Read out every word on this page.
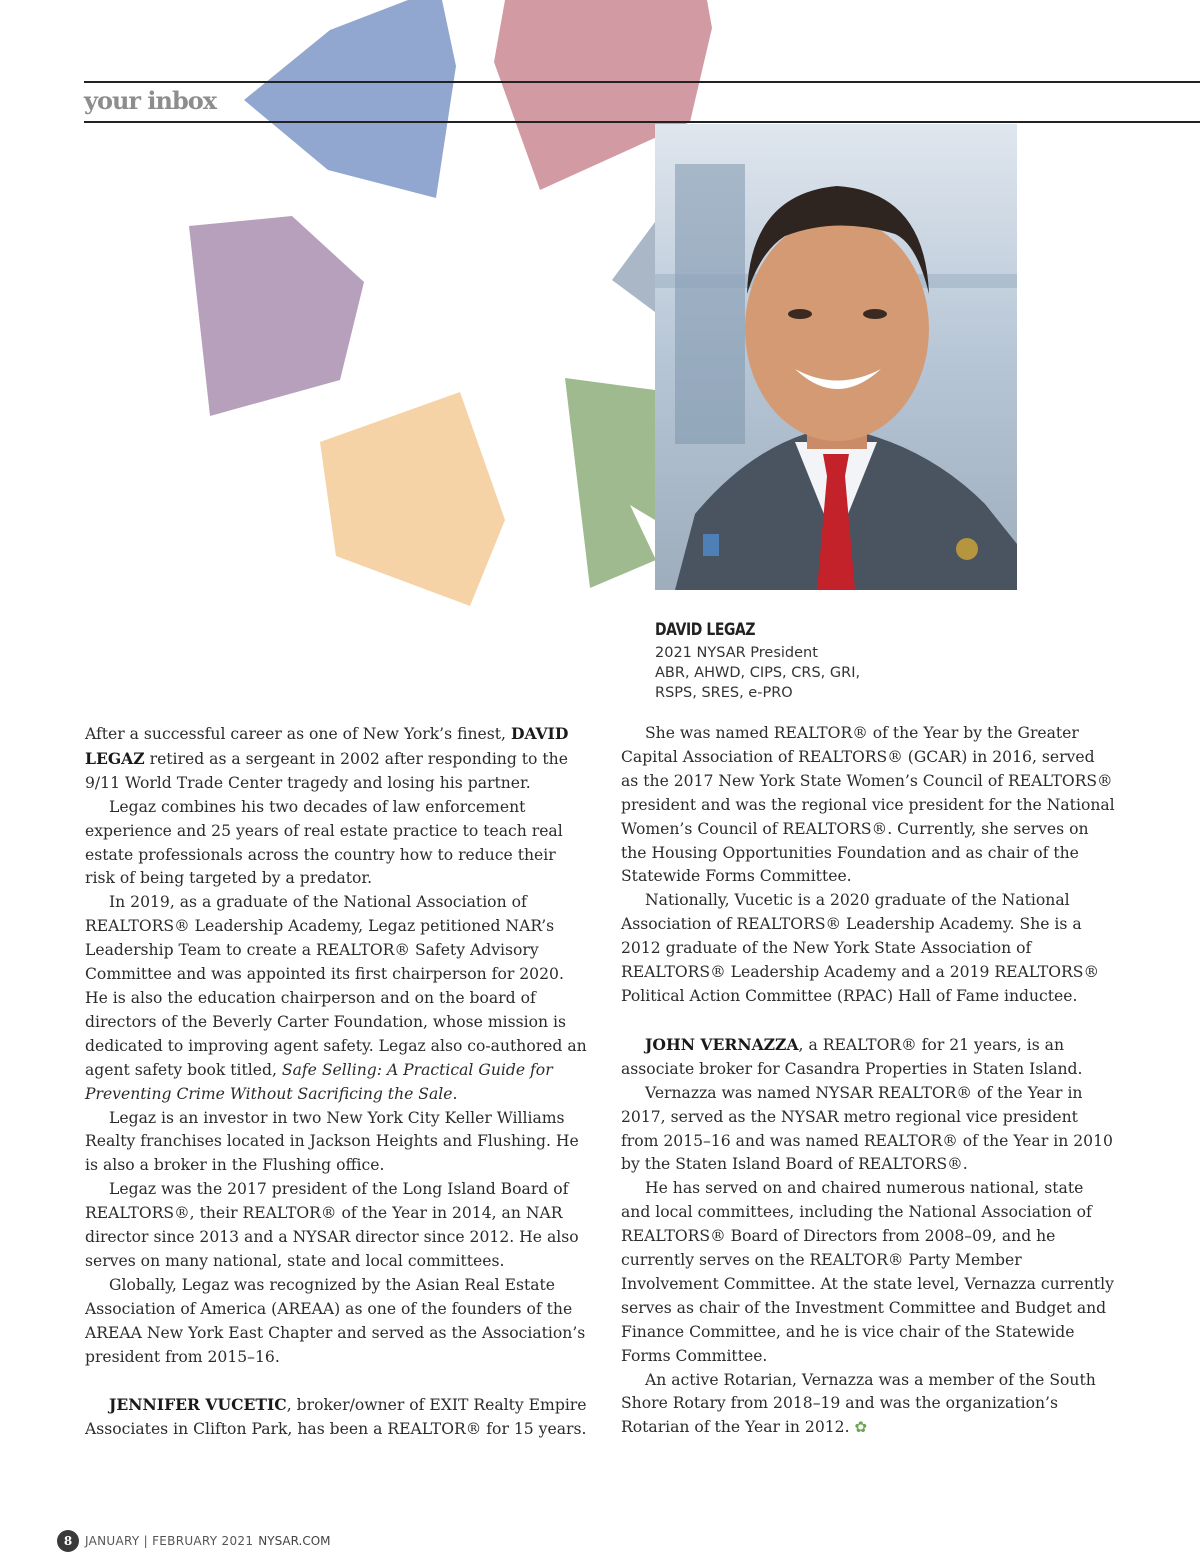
your inbox
DAVID LEGAZ
2021 NYSAR President
ABR, AHWD, CIPS, CRS, GRI,
RSPS, SRES, e-PRO

After a successful career as one of New York’s finest, DAVID LEGAZ retired as a sergeant in 2002 after responding to the 9/11 World Trade Center tragedy and losing his partner.

Legaz combines his two decades of law enforcement experience and 25 years of real estate practice to teach real estate professionals across the country how to reduce their risk of being targeted by a predator.

In 2019, as a graduate of the National Association of REALTORS® Leadership Academy, Legaz petitioned NAR’s Leadership Team to create a REALTOR® Safety Advisory Committee and was appointed its first chairperson for 2020. He is also the education chairperson and on the board of directors of the Beverly Carter Foundation, whose mission is dedicated to improving agent safety. Legaz also co-authored an agent safety book titled, Safe Selling: A Practical Guide for Preventing Crime Without Sacrificing the Sale.

Legaz is an investor in two New York City Keller Williams Realty franchises located in Jackson Heights and Flushing. He is also a broker in the Flushing office.

Legaz was the 2017 president of the Long Island Board of REALTORS®, their REALTOR® of the Year in 2014, an NAR director since 2013 and a NYSAR director since 2012. He also serves on many national, state and local committees.

Globally, Legaz was recognized by the Asian Real Estate Association of America (AREAA) as one of the founders of the AREAA New York East Chapter and served as the Association’s president from 2015–16.

JENNIFER VUCETIC, broker/owner of EXIT Realty Empire Associates in Clifton Park, has been a REALTOR® for 15 years.

She was named REALTOR® of the Year by the Greater Capital Association of REALTORS® (GCAR) in 2016, served as the 2017 New York State Women’s Council of REALTORS® president and was the regional vice president for the National Women’s Council of REALTORS®. Currently, she serves on the Housing Opportunities Foundation and as chair of the Statewide Forms Committee.

Nationally, Vucetic is a 2020 graduate of the National Association of REALTORS® Leadership Academy. She is a 2012 graduate of the New York State Association of REALTORS® Leadership Academy and a 2019 REALTORS® Political Action Committee (RPAC) Hall of Fame inductee.

JOHN VERNAZZA, a REALTOR® for 21 years, is an associate broker for Casandra Properties in Staten Island.

Vernazza was named NYSAR REALTOR® of the Year in 2017, served as the NYSAR metro regional vice president from 2015–16 and was named REALTOR® of the Year in 2010 by the Staten Island Board of REALTORS®.

He has served on and chaired numerous national, state and local committees, including the National Association of REALTORS® Board of Directors from 2008–09, and he currently serves on the REALTOR® Party Member Involvement Committee. At the state level, Vernazza currently serves as chair of the Investment Committee and Budget and Finance Committee, and he is vice chair of the Statewide Forms Committee.

An active Rotarian, Vernazza was a member of the South Shore Rotary from 2018–19 and was the organization’s Rotarian of the Year in 2012. ✿

8	JANUARY | FEBRUARY 2021 NYSAR.COM
